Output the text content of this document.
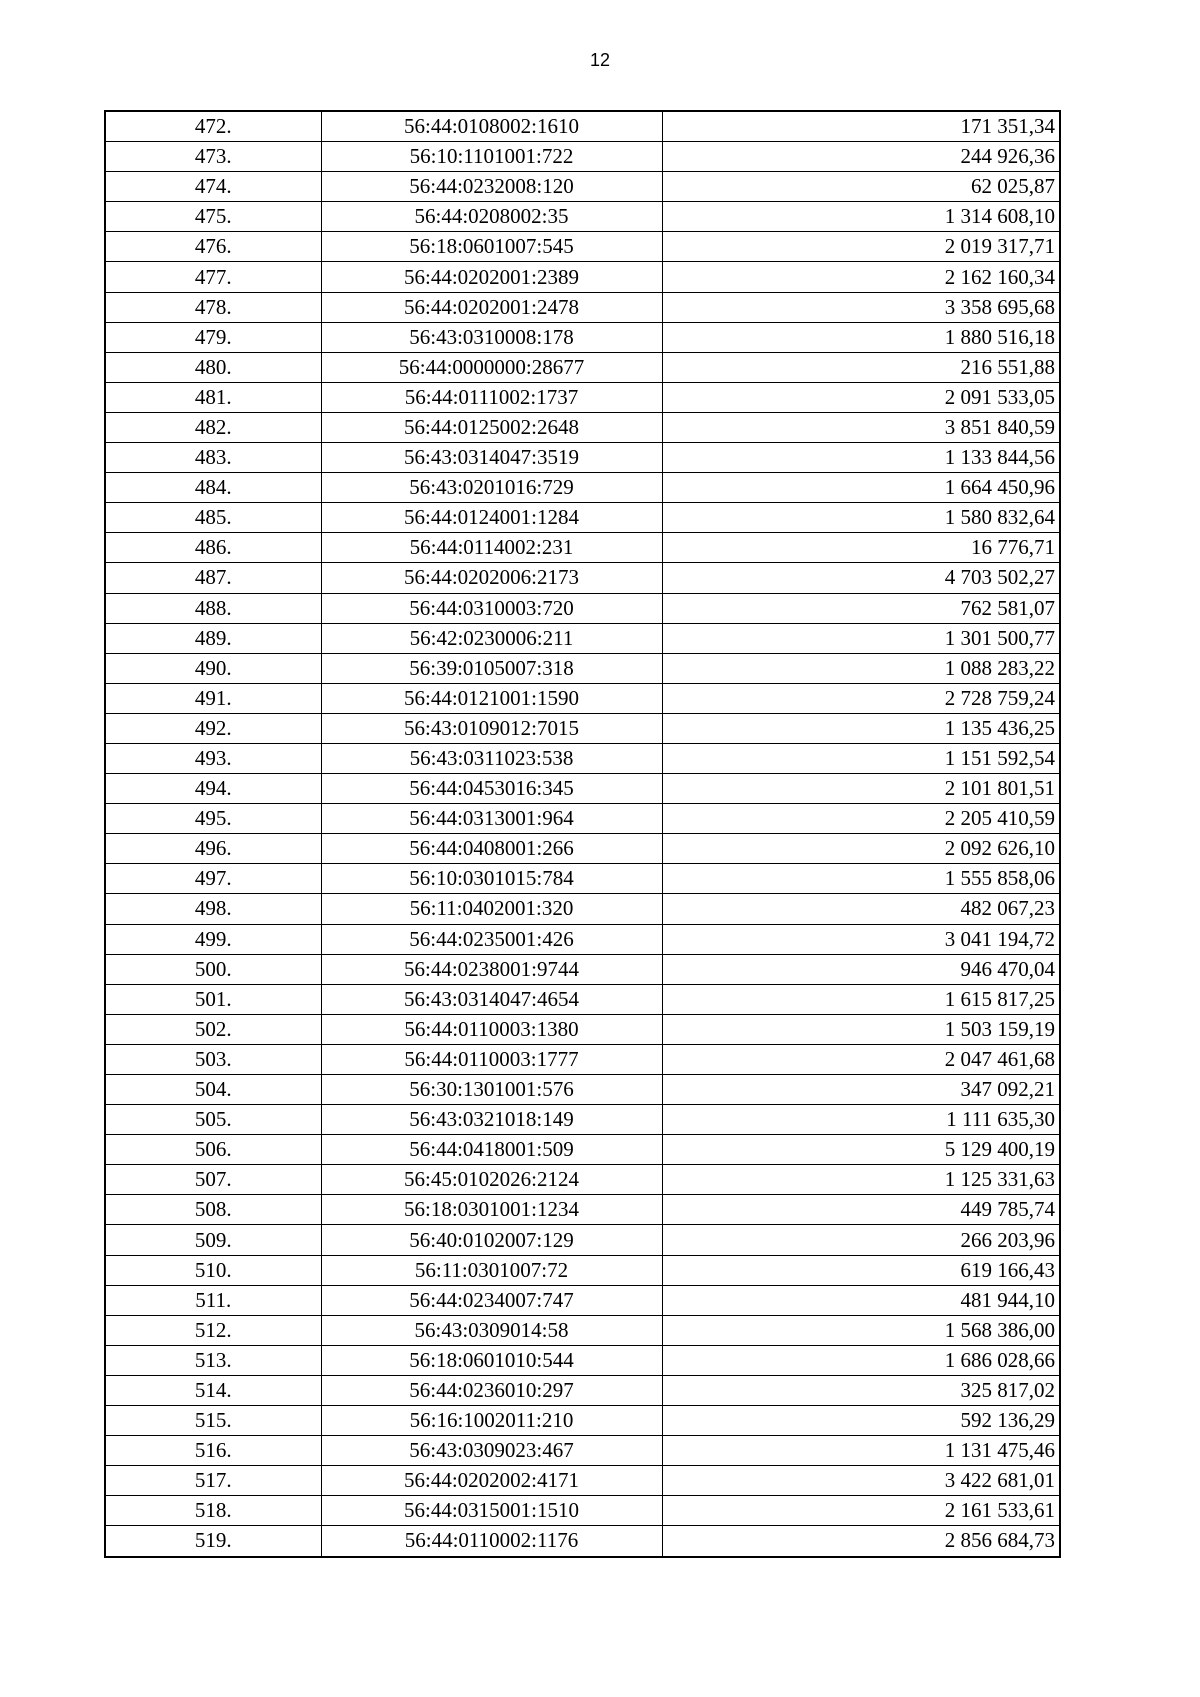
12
472.	56:44:0108002:1610	171 351,34
473.	56:10:1101001:722	244 926,36
474.	56:44:0232008:120	62 025,87
475.	56:44:0208002:35	1 314 608,10
476.	56:18:0601007:545	2 019 317,71
477.	56:44:0202001:2389	2 162 160,34
478.	56:44:0202001:2478	3 358 695,68
479.	56:43:0310008:178	1 880 516,18
480.	56:44:0000000:28677	216 551,88
481.	56:44:0111002:1737	2 091 533,05
482.	56:44:0125002:2648	3 851 840,59
483.	56:43:0314047:3519	1 133 844,56
484.	56:43:0201016:729	1 664 450,96
485.	56:44:0124001:1284	1 580 832,64
486.	56:44:0114002:231	16 776,71
487.	56:44:0202006:2173	4 703 502,27
488.	56:44:0310003:720	762 581,07
489.	56:42:0230006:211	1 301 500,77
490.	56:39:0105007:318	1 088 283,22
491.	56:44:0121001:1590	2 728 759,24
492.	56:43:0109012:7015	1 135 436,25
493.	56:43:0311023:538	1 151 592,54
494.	56:44:0453016:345	2 101 801,51
495.	56:44:0313001:964	2 205 410,59
496.	56:44:0408001:266	2 092 626,10
497.	56:10:0301015:784	1 555 858,06
498.	56:11:0402001:320	482 067,23
499.	56:44:0235001:426	3 041 194,72
500.	56:44:0238001:9744	946 470,04
501.	56:43:0314047:4654	1 615 817,25
502.	56:44:0110003:1380	1 503 159,19
503.	56:44:0110003:1777	2 047 461,68
504.	56:30:1301001:576	347 092,21
505.	56:43:0321018:149	1 111 635,30
506.	56:44:0418001:509	5 129 400,19
507.	56:45:0102026:2124	1 125 331,63
508.	56:18:0301001:1234	449 785,74
509.	56:40:0102007:129	266 203,96
510.	56:11:0301007:72	619 166,43
511.	56:44:0234007:747	481 944,10
512.	56:43:0309014:58	1 568 386,00
513.	56:18:0601010:544	1 686 028,66
514.	56:44:0236010:297	325 817,02
515.	56:16:1002011:210	592 136,29
516.	56:43:0309023:467	1 131 475,46
517.	56:44:0202002:4171	3 422 681,01
518.	56:44:0315001:1510	2 161 533,61
519.	56:44:0110002:1176	2 856 684,73
